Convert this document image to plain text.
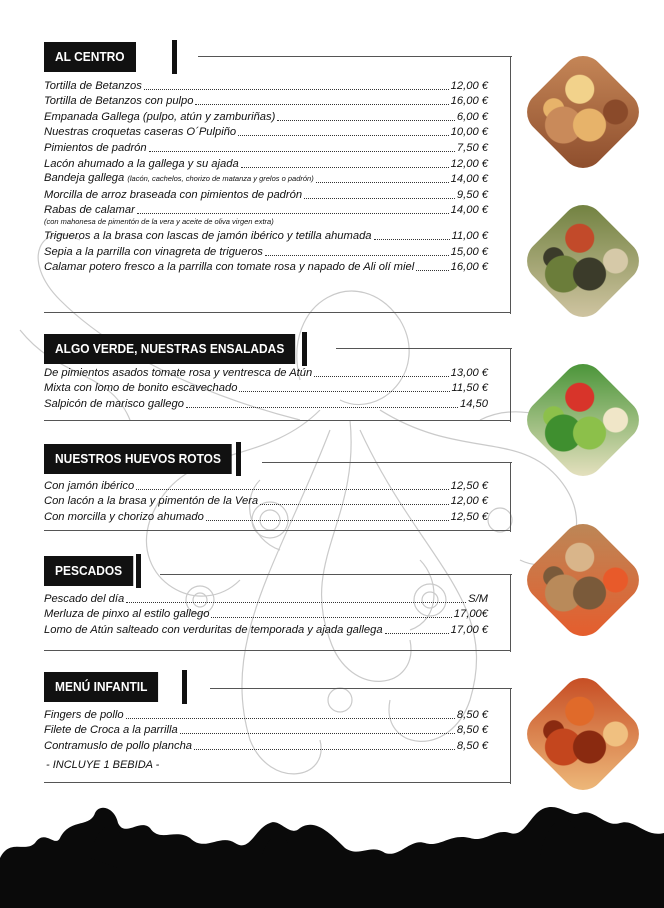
AL CENTRO
Tortilla de Betanzos	12,00 €
Tortilla de Betanzos con pulpo	16,00 €
Empanada Gallega (pulpo, atún y zamburiñas)	6,00 €
Nuestras croquetas caseras O´Pulpiño	10,00 €
Pimientos de padrón	7,50 €
Lacón ahumado a la gallega y su ajada	12,00 €
Bandeja gallega (lacón, cachelos, chorizo de matanza y grelos o padrón)	14,00 €
Morcilla de arroz braseada con pimientos de padrón	9,50 €
Rabas de calamar	14,00 €
(con mahonesa de pimentón de la vera y aceite de oliva virgen extra)
Trigueros a la brasa con lascas de jamón ibérico y tetilla ahumada	11,00 €
Sepia a la parrilla con vinagreta de trigueros	15,00 €
Calamar potero fresco a la parrilla con tomate rosa y napado de Ali olí miel	16,00 €
ALGO VERDE, NUESTRAS ENSALADAS
De pimientos asados tomate rosa y ventresca de Atún	13,00 €
Mixta con lomo de bonito escavechado	11,50 €
Salpicón de marisco gallego	14,50
NUESTROS HUEVOS ROTOS
Con jamón ibérico	12,50 €
Con lacón a la brasa y pimentón de la Vera	12,00 €
Con morcilla y chorizo ahumado	12,50 €
PESCADOS
Pescado del día	S/M
Merluza de pinxo al estilo gallego	17,00€
Lomo de Atún salteado con verduritas de temporada y ajada gallega	17,00 €
MENÚ INFANTIL
Fingers de pollo	8,50 €
Filete de Croca a la parrilla	8,50 €
Contramuslo de pollo plancha	8,50 €
- INCLUYE 1 BEBIDA -
